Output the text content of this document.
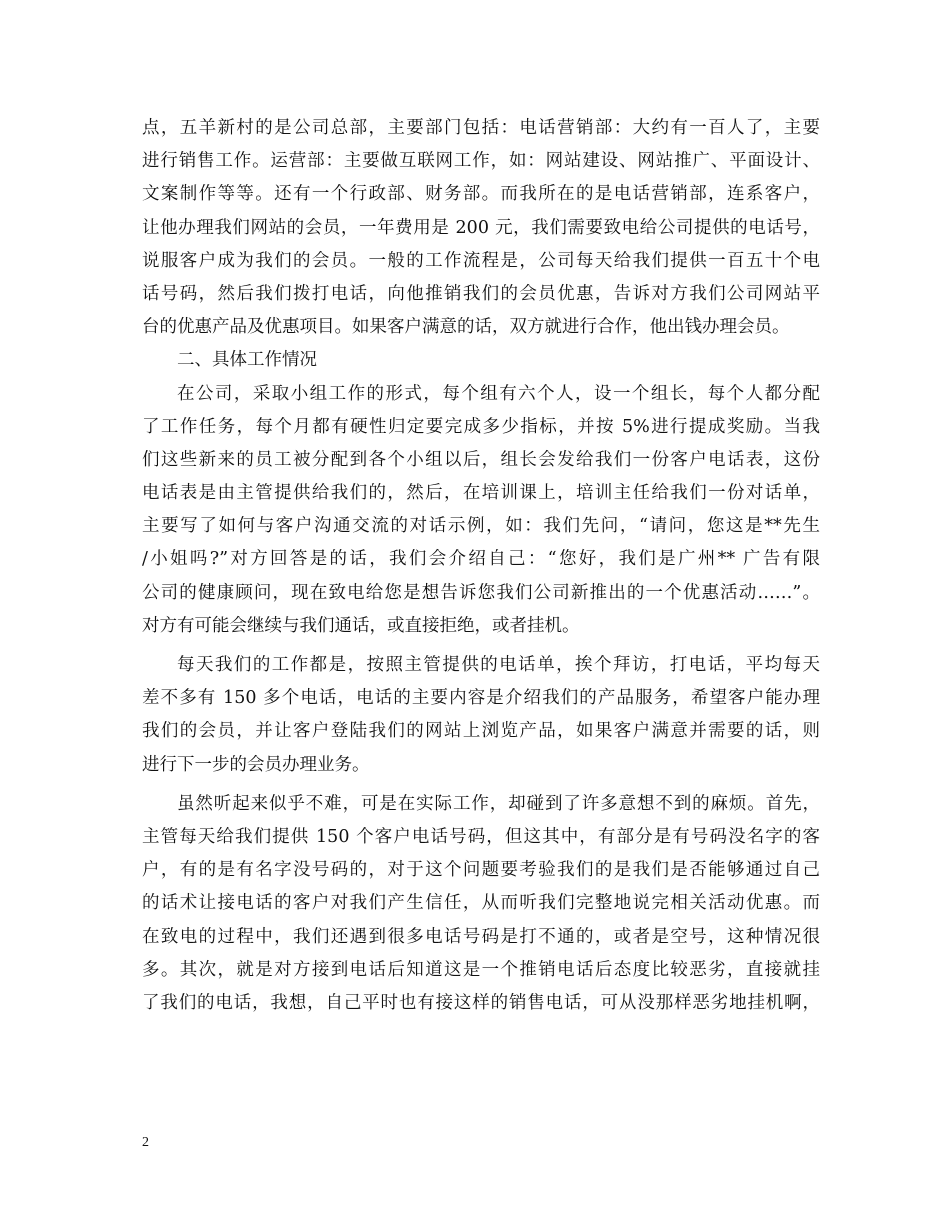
点，五羊新村的是公司总部，主要部门包括：电话营销部：大约有一百人了，主要
进行销售工作。运营部：主要做互联网工作，如：网站建设、网站推广、平面设计、
文案制作等等。还有一个行政部、财务部。而我所在的是电话营销部，连系客户，
让他办理我们网站的会员，一年费用是 200 元，我们需要致电给公司提供的电话号，
说服客户成为我们的会员。一般的工作流程是，公司每天给我们提供一百五十个电
话号码，然后我们拨打电话，向他推销我们的会员优惠，告诉对方我们公司网站平
台的优惠产品及优惠项目。如果客户满意的话，双方就进行合作，他出钱办理会员。
二、具体工作情况
在公司，采取小组工作的形式，每个组有六个人，设一个组长，每个人都分配
了工作任务，每个月都有硬性归定要完成多少指标，并按 5%进行提成奖励。当我
们这些新来的员工被分配到各个小组以后，组长会发给我们一份客户电话表，这份
电话表是由主管提供给我们的，然后，在培训课上，培训主任给我们一份对话单，
主要写了如何与客户沟通交流的对话示例，如：我们先问，“请问，您这是**先生
/小姐吗?”对方回答是的话，我们会介绍自己：“您好，我们是广州** 广告有限
公司的健康顾问，现在致电给您是想告诉您我们公司新推出的一个优惠活动……”。
对方有可能会继续与我们通话，或直接拒绝，或者挂机。
每天我们的工作都是，按照主管提供的电话单，挨个拜访，打电话，平均每天
差不多有 150 多个电话，电话的主要内容是介绍我们的产品服务，希望客户能办理
我们的会员，并让客户登陆我们的网站上浏览产品，如果客户满意并需要的话，则
进行下一步的会员办理业务。
虽然听起来似乎不难，可是在实际工作，却碰到了许多意想不到的麻烦。首先，
主管每天给我们提供 150 个客户电话号码，但这其中，有部分是有号码没名字的客
户，有的是有名字没号码的，对于这个问题要考验我们的是我们是否能够通过自己
的话术让接电话的客户对我们产生信任，从而听我们完整地说完相关活动优惠。而
在致电的过程中，我们还遇到很多电话号码是打不通的，或者是空号，这种情况很
多。其次，就是对方接到电话后知道这是一个推销电话后态度比较恶劣，直接就挂
了我们的电话，我想，自己平时也有接这样的销售电话，可从没那样恶劣地挂机啊，
2
